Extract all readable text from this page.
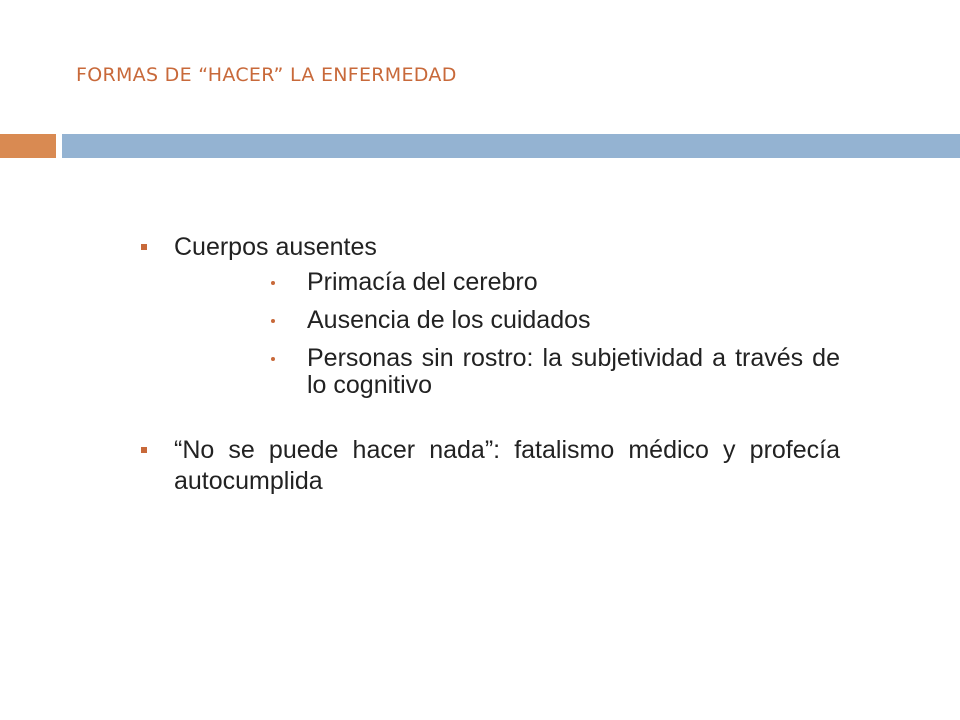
FORMAS DE “HACER” LA ENFERMEDAD
Cuerpos ausentes
Primacía del cerebro
Ausencia de los cuidados
Personas sin rostro: la subjetividad a través de lo cognitivo
“No se puede hacer nada”: fatalismo médico y profecía autocumplida
